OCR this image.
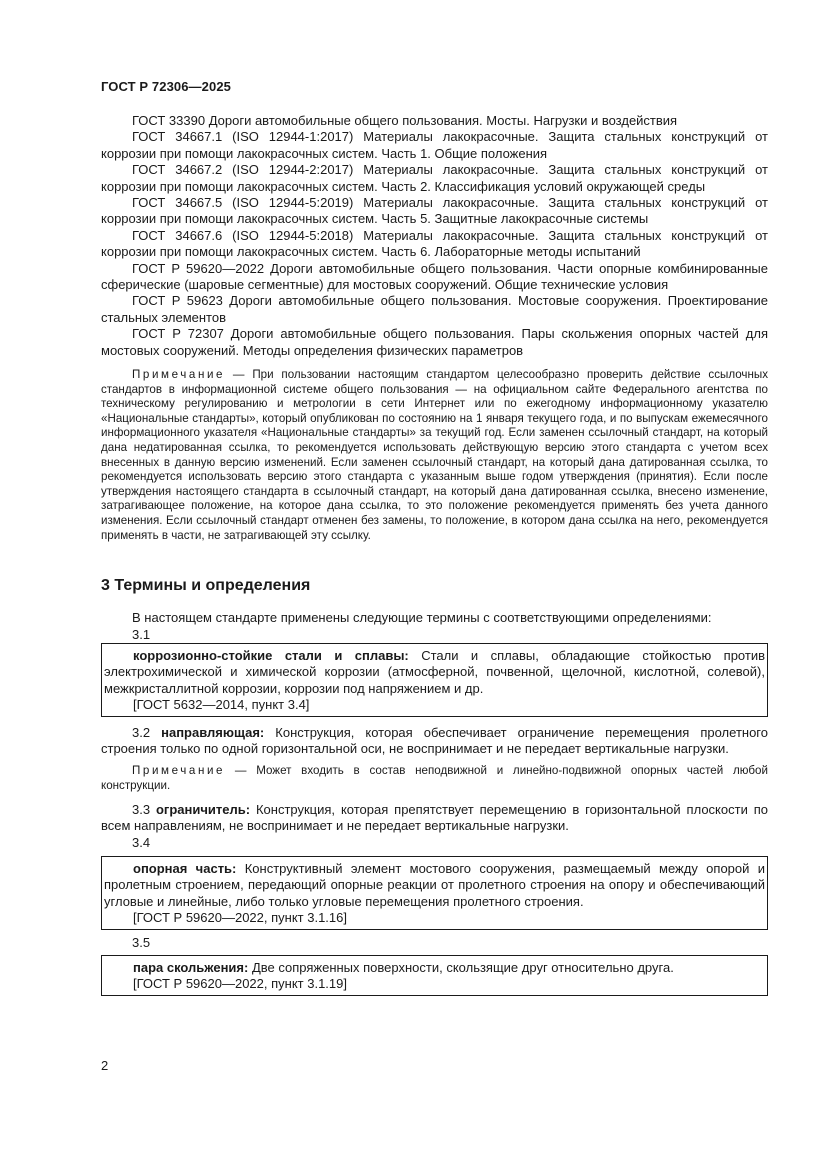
ГОСТ Р 72306—2025

ГОСТ 33390 Дороги автомобильные общего пользования. Мосты. Нагрузки и воздействия

ГОСТ 34667.1 (ISO 12944-1:2017) Материалы лакокрасочные. Защита стальных конструкций от коррозии при помощи лакокрасочных систем. Часть 1. Общие положения

ГОСТ 34667.2 (ISO 12944-2:2017) Материалы лакокрасочные. Защита стальных конструкций от коррозии при помощи лакокрасочных систем. Часть 2. Классификация условий окружающей среды

ГОСТ 34667.5 (ISO 12944-5:2019) Материалы лакокрасочные. Защита стальных конструкций от коррозии при помощи лакокрасочных систем. Часть 5. Защитные лакокрасочные системы

ГОСТ 34667.6 (ISO 12944-5:2018) Материалы лакокрасочные. Защита стальных конструкций от коррозии при помощи лакокрасочных систем. Часть 6. Лабораторные методы испытаний

ГОСТ Р 59620—2022 Дороги автомобильные общего пользования. Части опорные комбинированные сферические (шаровые сегментные) для мостовых сооружений. Общие технические условия

ГОСТ Р 59623 Дороги автомобильные общего пользования. Мостовые сооружения. Проектирование стальных элементов

ГОСТ Р 72307 Дороги автомобильные общего пользования. Пары скольжения опорных частей для мостовых сооружений. Методы определения физических параметров

Примечание — При пользовании настоящим стандартом целесообразно проверить действие ссылочных стандартов в информационной системе общего пользования — на официальном сайте Федерального агентства по техническому регулированию и метрологии в сети Интернет или по ежегодному информационному указателю «Национальные стандарты», который опубликован по состоянию на 1 января текущего года, и по выпускам ежемесячного информационного указателя «Национальные стандарты» за текущий год. Если заменен ссылочный стандарт, на который дана недатированная ссылка, то рекомендуется использовать действующую версию этого стандарта с учетом всех внесенных в данную версию изменений. Если заменен ссылочный стандарт, на который дана датированная ссылка, то рекомендуется использовать версию этого стандарта с указанным выше годом утверждения (принятия). Если после утверждения настоящего стандарта в ссылочный стандарт, на который дана датированная ссылка, внесено изменение, затрагивающее положение, на которое дана ссылка, то это положение рекомендуется применять без учета данного изменения. Если ссылочный стандарт отменен без замены, то положение, в котором дана ссылка на него, рекомендуется применять в части, не затрагивающей эту ссылку.

3 Термины и определения

В настоящем стандарте применены следующие термины с соответствующими определениями:

3.1

коррозионно-стойкие стали и сплавы: Стали и сплавы, обладающие стойкостью против электрохимической и химической коррозии (атмосферной, почвенной, щелочной, кислотной, солевой), межкристаллитной коррозии, коррозии под напряжением и др.

[ГОСТ 5632—2014, пункт 3.4]

3.2 направляющая: Конструкция, которая обеспечивает ограничение перемещения пролетного строения только по одной горизонтальной оси, не воспринимает и не передает вертикальные нагрузки.

Примечание — Может входить в состав неподвижной и линейно-подвижной опорных частей любой конструкции.

3.3 ограничитель: Конструкция, которая препятствует перемещению в горизонтальной плоскости по всем направлениям, не воспринимает и не передает вертикальные нагрузки.

3.4

опорная часть: Конструктивный элемент мостового сооружения, размещаемый между опорой и пролетным строением, передающий опорные реакции от пролетного строения на опору и обеспечивающий угловые и линейные, либо только угловые перемещения пролетного строения.

[ГОСТ Р 59620—2022, пункт 3.1.16]

3.5

пара скольжения: Две сопряженных поверхности, скользящие друг относительно друга.

[ГОСТ Р 59620—2022, пункт 3.1.19]

2
